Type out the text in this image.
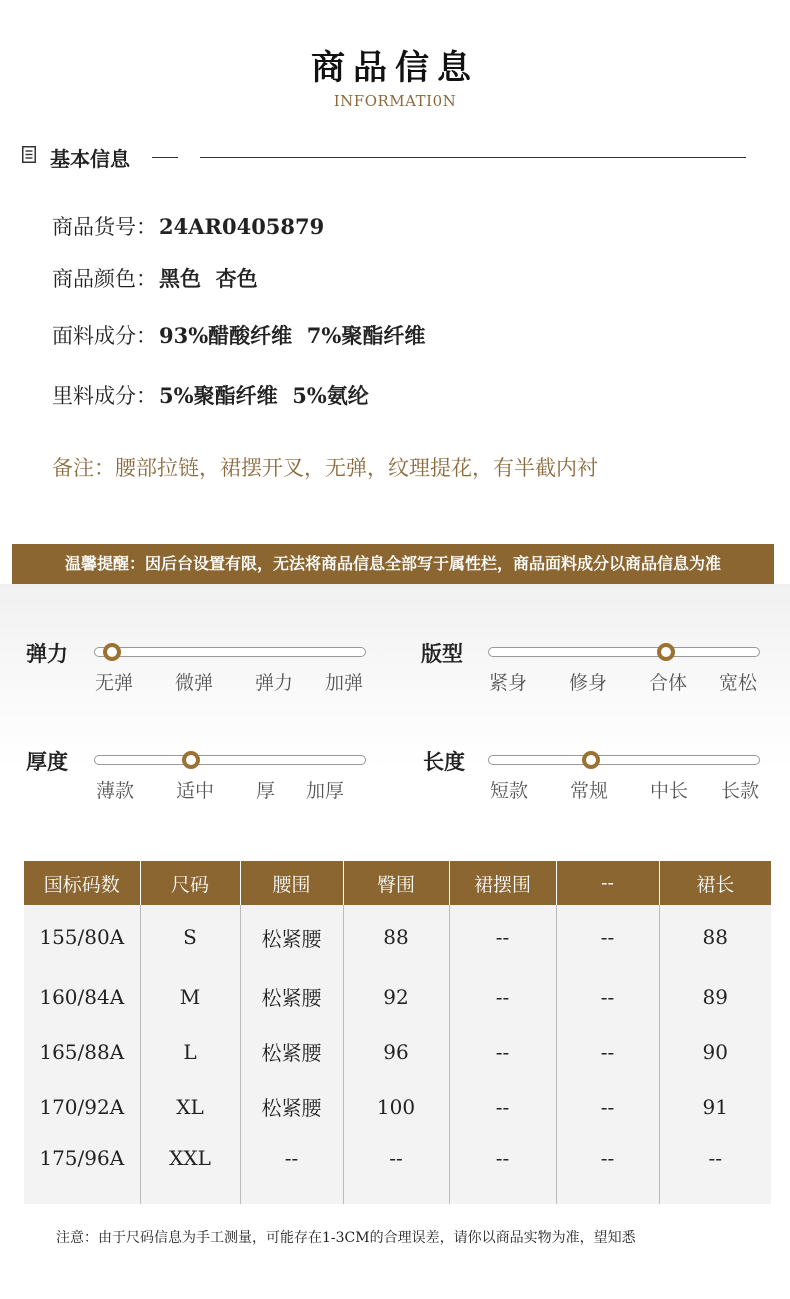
商品信息
INFORMATI0N
基本信息
商品货号：24AR0405879
商品颜色：黑色  杏色
面料成分：93%醋酸纤维  7%聚酯纤维
里料成分：5%聚酯纤维  5%氨纶
备注：腰部拉链，裙摆开叉，无弹，纹理提花，有半截内衬
温馨提醒：因后台设置有限，无法将商品信息全部写于属性栏，商品面料成分以商品信息为准
弹力
无弹 微弹 弹力 加弹
版型
紧身 修身 合体 宽松
厚度
薄款 适中 厚 加厚
长度
短款 常规 中长 长款
国标码数	尺码	腰围	臀围	裙摆围	--	裙长
155/80A	S	松紧腰	88	--	--	88
160/84A	M	松紧腰	92	--	--	89
165/88A	L	松紧腰	96	--	--	90
170/92A	XL	松紧腰	100	--	--	91
175/96A	XXL	--	--	--	--	--
注意：由于尺码信息为手工测量，可能存在1-3CM的合理误差，请你以商品实物为准，望知悉
